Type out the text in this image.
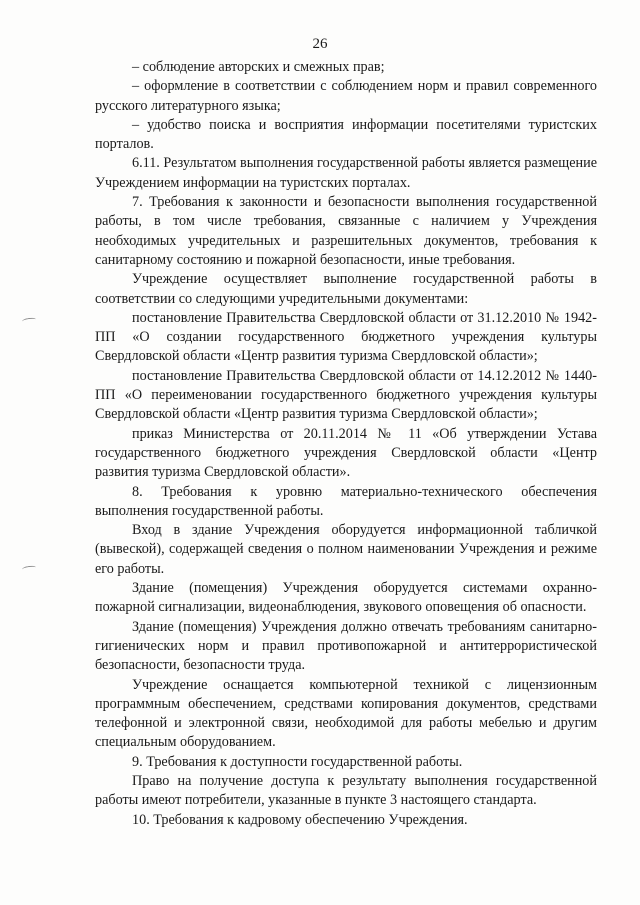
26

– соблюдение авторских и смежных прав;

– оформление в соответствии с соблюдением норм и правил современного русского литературного языка;

– удобство поиска и восприятия информации посетителями туристских порталов.

6.11. Результатом выполнения государственной работы является размещение Учреждением информации на туристских порталах.

7. Требования к законности и безопасности выполнения государственной работы, в том числе требования, связанные с наличием у Учреждения необходимых учредительных и разрешительных документов, требования к санитарному состоянию и пожарной безопасности, иные требования.

Учреждение осуществляет выполнение государственной работы в соответствии со следующими учредительными документами:

постановление Правительства Свердловской области от 31.12.2010 № 1942-ПП «О создании государственного бюджетного учреждения культуры Свердловской области «Центр развития туризма Свердловской области»;

постановление Правительства Свердловской области от 14.12.2012 № 1440-ПП «О переименовании государственного бюджетного учреждения культуры Свердловской области «Центр развития туризма Свердловской области»;

приказ Министерства от 20.11.2014 № 11 «Об утверждении Устава государственного бюджетного учреждения Свердловской области «Центр развития туризма Свердловской области».

8. Требования к уровню материально-технического обеспечения выполнения государственной работы.

Вход в здание Учреждения оборудуется информационной табличкой (вывеской), содержащей сведения о полном наименовании Учреждения и режиме его работы.

Здание (помещения) Учреждения оборудуется системами охранно-пожарной сигнализации, видеонаблюдения, звукового оповещения об опасности.

Здание (помещения) Учреждения должно отвечать требованиям санитарно-гигиенических норм и правил противопожарной и антитеррористической безопасности, безопасности труда.

Учреждение оснащается компьютерной техникой с лицензионным программным обеспечением, средствами копирования документов, средствами телефонной и электронной связи, необходимой для работы мебелью и другим специальным оборудованием.

9. Требования к доступности государственной работы.

Право на получение доступа к результату выполнения государственной работы имеют потребители, указанные в пункте 3 настоящего стандарта.

10. Требования к кадровому обеспечению Учреждения.
